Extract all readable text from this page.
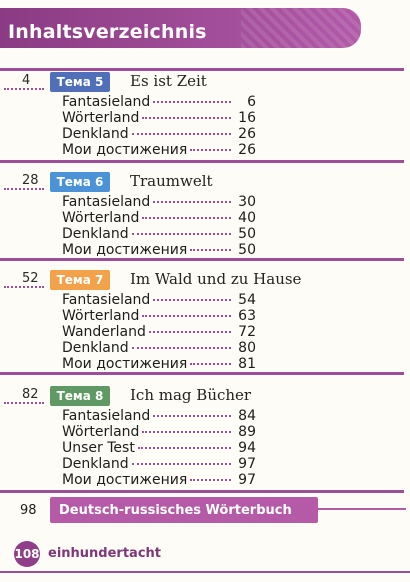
Inhaltsverzeichnis
4	Тема 5	Es ist Zeit
Fantasieland	6
Wörterland	16
Denkland	26
Мои достижения	26
28	Тема 6	Traumwelt
Fantasieland	30
Wörterland	40
Denkland	50
Мои достижения	50
52	Тема 7	Im Wald und zu Hause
Fantasieland	54
Wörterland	63
Wanderland	72
Denkland	80
Мои достижения	81
82	Тема 8	Ich mag Bücher
Fantasieland	84
Wörterland	89
Unser Test	94
Denkland	97
Мои достижения	97
98 Deutsch-russisches Wörterbuch
108 einhundertacht
